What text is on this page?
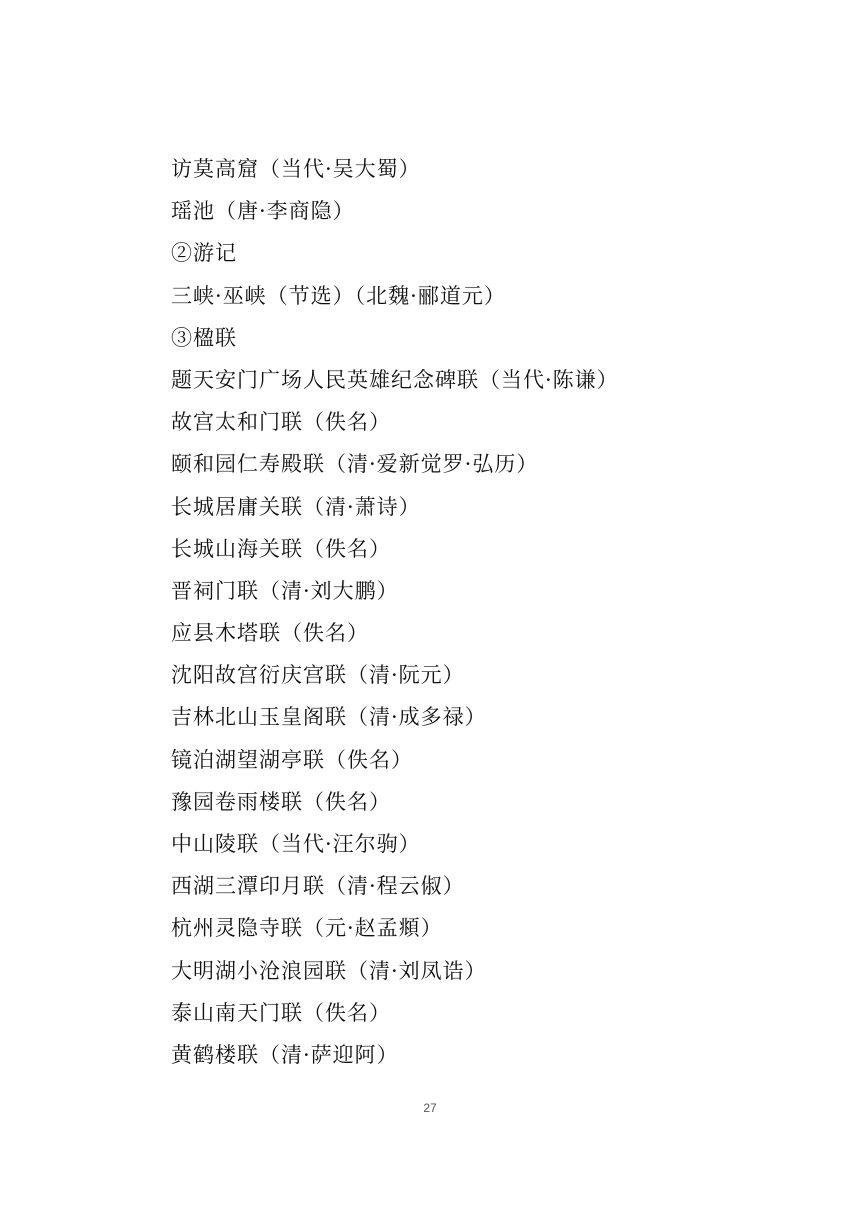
访莫高窟（当代·吴大蜀）
瑶池（唐·李商隐）
②游记
三峡·巫峡（节选）（北魏·郦道元）
③楹联
题天安门广场人民英雄纪念碑联（当代·陈谦）
故宫太和门联（佚名）
颐和园仁寿殿联（清·爱新觉罗·弘历）
长城居庸关联（清·萧诗）
长城山海关联（佚名）
晋祠门联（清·刘大鹏）
应县木塔联（佚名）
沈阳故宫衍庆宫联（清·阮元）
吉林北山玉皇阁联（清·成多禄）
镜泊湖望湖亭联（佚名）
豫园卷雨楼联（佚名）
中山陵联（当代·汪尔驹）
西湖三潭印月联（清·程云俶）
杭州灵隐寺联（元·赵孟頫）
大明湖小沧浪园联（清·刘凤诰）
泰山南天门联（佚名）
黄鹤楼联（清·萨迎阿）
27
